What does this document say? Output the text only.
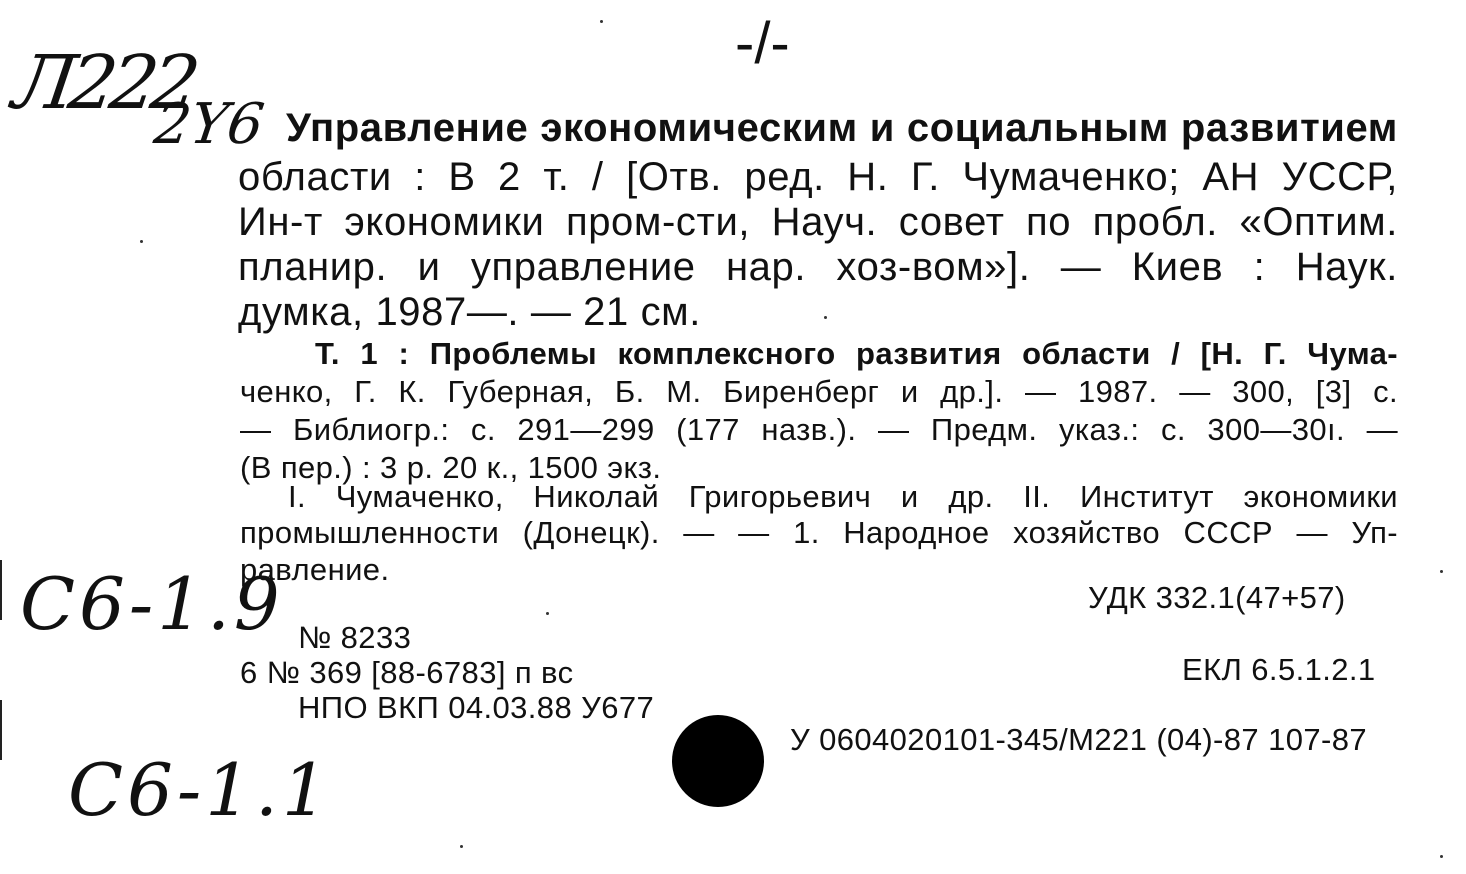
Л222
2Y6
С6-1.9
С6-1.1
-/-
Управление экономическим и социальным развитием
области : В 2 т. / [Отв. ред. Н. Г. Чумаченко; АН УССР,
Ин-т экономики пром-сти, Науч. совет по пробл. «Оптим.
планир. и управление нар. хоз-вом»]. — Киев : Наук.
думка, 1987—. — 21 см.
Т. 1 : Проблемы комплексного развития области / [Н. Г. Чума-
ченко, Г. К. Губерная, Б. М. Биренберг и др.]. — 1987. — 300, [3] с.
— Библиогр.: с. 291—299 (177 назв.). — Предм. указ.: с. 300—30ı. —
(В пер.) : 3 р. 20 к., 1500 экз.
I. Чумаченко, Николай Григорьевич и др. II. Институт экономики
промышленности (Донецк). — — 1. Народное хозяйство СССР — Уп-
равление.
УДК 332.1(47+57)
№ 8233
6 № 369 [88-6783] п вс	ЕКЛ 6.5.1.2.1
НПО ВКП 04.03.88 У677
У 0604020101-345/М221 (04)-87 107-87
